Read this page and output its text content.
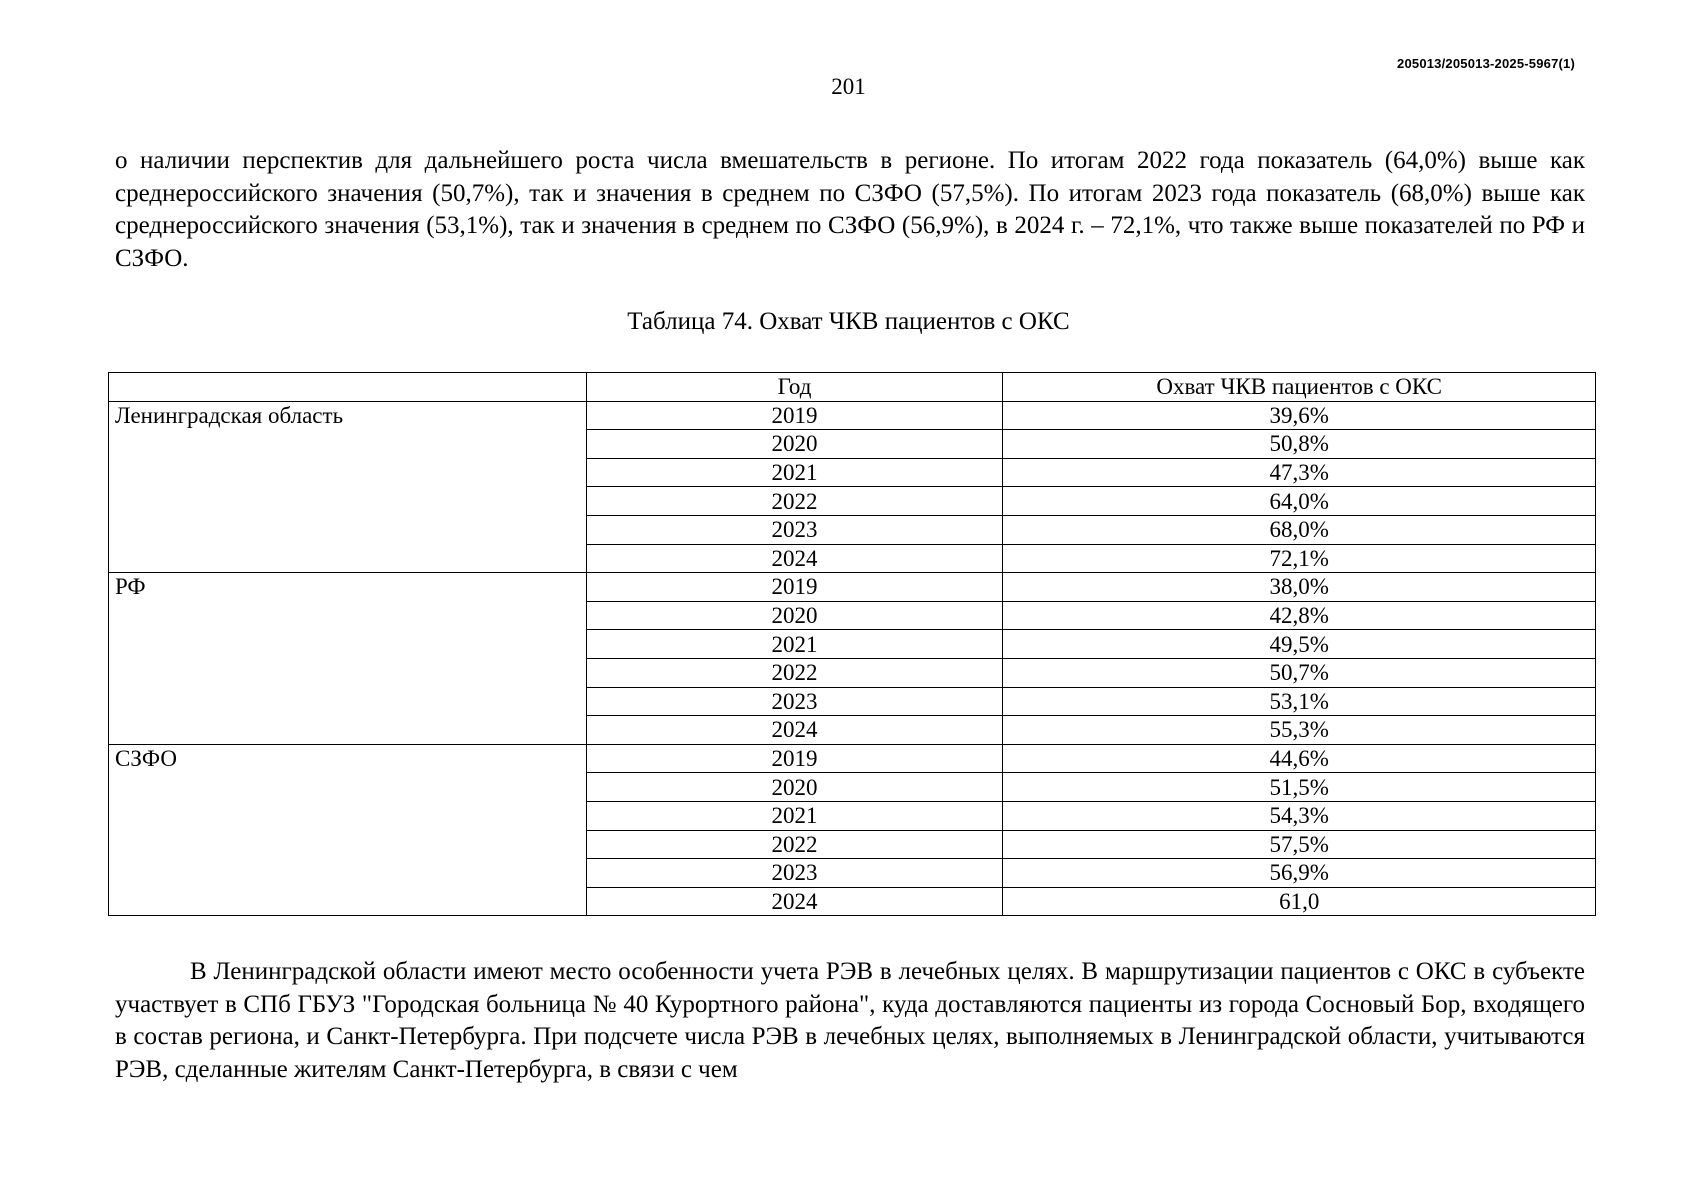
205013/205013-2025-5967(1)
201
о наличии перспектив для дальнейшего роста числа вмешательств в регионе. По итогам 2022 года показатель (64,0%) выше как среднероссийского значения (50,7%), так и значения в среднем по СЗФО (57,5%). По итогам 2023 года показатель (68,0%) выше как среднероссийского значения (53,1%), так и значения в среднем по СЗФО (56,9%), в 2024 г. – 72,1%, что также выше показателей по РФ и СЗФО.
Таблица 74. Охват ЧКВ пациентов с ОКС
	Год	Охват ЧКВ пациентов с ОКС
Ленинградская область	2019	39,6%
	2020	50,8%
	2021	47,3%
	2022	64,0%
	2023	68,0%
	2024	72,1%
РФ	2019	38,0%
	2020	42,8%
	2021	49,5%
	2022	50,7%
	2023	53,1%
	2024	55,3%
СЗФО	2019	44,6%
	2020	51,5%
	2021	54,3%
	2022	57,5%
	2023	56,9%
	2024	61,0
В Ленинградской области имеют место особенности учета РЭВ в лечебных целях. В маршрутизации пациентов с ОКС в субъекте участвует в СПб ГБУЗ "Городская больница № 40 Курортного района", куда доставляются пациенты из города Сосновый Бор, входящего в состав региона, и Санкт-Петербурга. При подсчете числа РЭВ в лечебных целях, выполняемых в Ленинградской области, учитываются РЭВ, сделанные жителям Санкт-Петербурга, в связи с чем
